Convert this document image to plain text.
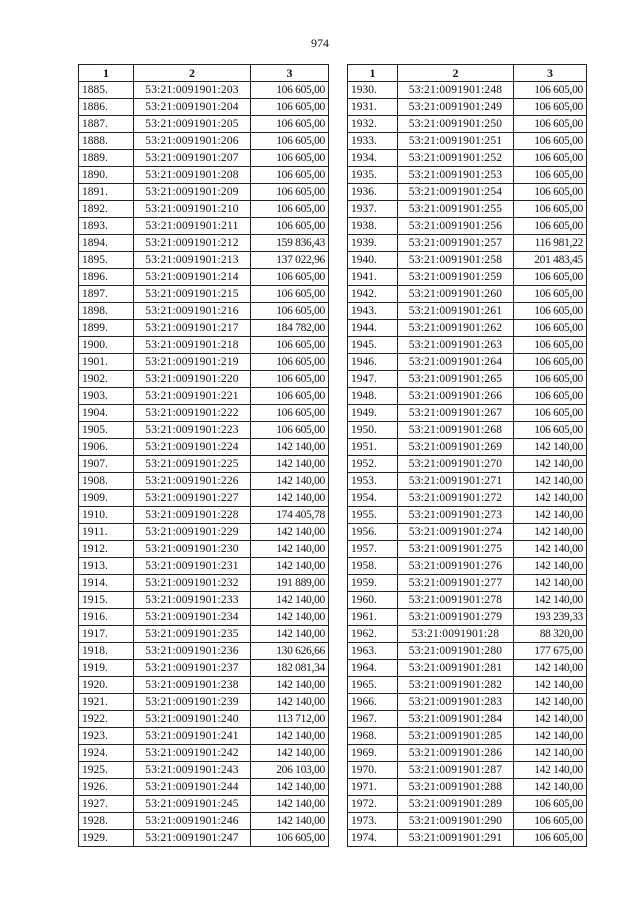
974
1	2	3
1885.	53:21:0091901:203	106 605,00
1886.	53:21:0091901:204	106 605,00
1887.	53:21:0091901:205	106 605,00
1888.	53:21:0091901:206	106 605,00
1889.	53:21:0091901:207	106 605,00
1890.	53:21:0091901:208	106 605,00
1891.	53:21:0091901:209	106 605,00
1892.	53:21:0091901:210	106 605,00
1893.	53:21:0091901:211	106 605,00
1894.	53:21:0091901:212	159 836,43
1895.	53:21:0091901:213	137 022,96
1896.	53:21:0091901:214	106 605,00
1897.	53:21:0091901:215	106 605,00
1898.	53:21:0091901:216	106 605,00
1899.	53:21:0091901:217	184 782,00
1900.	53:21:0091901:218	106 605,00
1901.	53:21:0091901:219	106 605,00
1902.	53:21:0091901:220	106 605,00
1903.	53:21:0091901:221	106 605,00
1904.	53:21:0091901:222	106 605,00
1905.	53:21:0091901:223	106 605,00
1906.	53:21:0091901:224	142 140,00
1907.	53:21:0091901:225	142 140,00
1908.	53:21:0091901:226	142 140,00
1909.	53:21:0091901:227	142 140,00
1910.	53:21:0091901:228	174 405,78
1911.	53:21:0091901:229	142 140,00
1912.	53:21:0091901:230	142 140,00
1913.	53:21:0091901:231	142 140,00
1914.	53:21:0091901:232	191 889,00
1915.	53:21:0091901:233	142 140,00
1916.	53:21:0091901:234	142 140,00
1917.	53:21:0091901:235	142 140,00
1918.	53:21:0091901:236	130 626,66
1919.	53:21:0091901:237	182 081,34
1920.	53:21:0091901:238	142 140,00
1921.	53:21:0091901:239	142 140,00
1922.	53:21:0091901:240	113 712,00
1923.	53:21:0091901:241	142 140,00
1924.	53:21:0091901:242	142 140,00
1925.	53:21:0091901:243	206 103,00
1926.	53:21:0091901:244	142 140,00
1927.	53:21:0091901:245	142 140,00
1928.	53:21:0091901:246	142 140,00
1929.	53:21:0091901:247	106 605,00
1	2	3
1930.	53:21:0091901:248	106 605,00
1931.	53:21:0091901:249	106 605,00
1932.	53:21:0091901:250	106 605,00
1933.	53:21:0091901:251	106 605,00
1934.	53:21:0091901:252	106 605,00
1935.	53:21:0091901:253	106 605,00
1936.	53:21:0091901:254	106 605,00
1937.	53:21:0091901:255	106 605,00
1938.	53:21:0091901:256	106 605,00
1939.	53:21:0091901:257	116 981,22
1940.	53:21:0091901:258	201 483,45
1941.	53:21:0091901:259	106 605,00
1942.	53:21:0091901:260	106 605,00
1943.	53:21:0091901:261	106 605,00
1944.	53:21:0091901:262	106 605,00
1945.	53:21:0091901:263	106 605,00
1946.	53:21:0091901:264	106 605,00
1947.	53:21:0091901:265	106 605,00
1948.	53:21:0091901:266	106 605,00
1949.	53:21:0091901:267	106 605,00
1950.	53:21:0091901:268	106 605,00
1951.	53:21:0091901:269	142 140,00
1952.	53:21:0091901:270	142 140,00
1953.	53:21:0091901:271	142 140,00
1954.	53:21:0091901:272	142 140,00
1955.	53:21:0091901:273	142 140,00
1956.	53:21:0091901:274	142 140,00
1957.	53:21:0091901:275	142 140,00
1958.	53:21:0091901:276	142 140,00
1959.	53:21:0091901:277	142 140,00
1960.	53:21:0091901:278	142 140,00
1961.	53:21:0091901:279	193 239,33
1962.	53:21:0091901:28	88 320,00
1963.	53:21:0091901:280	177 675,00
1964.	53:21:0091901:281	142 140,00
1965.	53:21:0091901:282	142 140,00
1966.	53:21:0091901:283	142 140,00
1967.	53:21:0091901:284	142 140,00
1968.	53:21:0091901:285	142 140,00
1969.	53:21:0091901:286	142 140,00
1970.	53:21:0091901:287	142 140,00
1971.	53:21:0091901:288	142 140,00
1972.	53:21:0091901:289	106 605,00
1973.	53:21:0091901:290	106 605,00
1974.	53:21:0091901:291	106 605,00
